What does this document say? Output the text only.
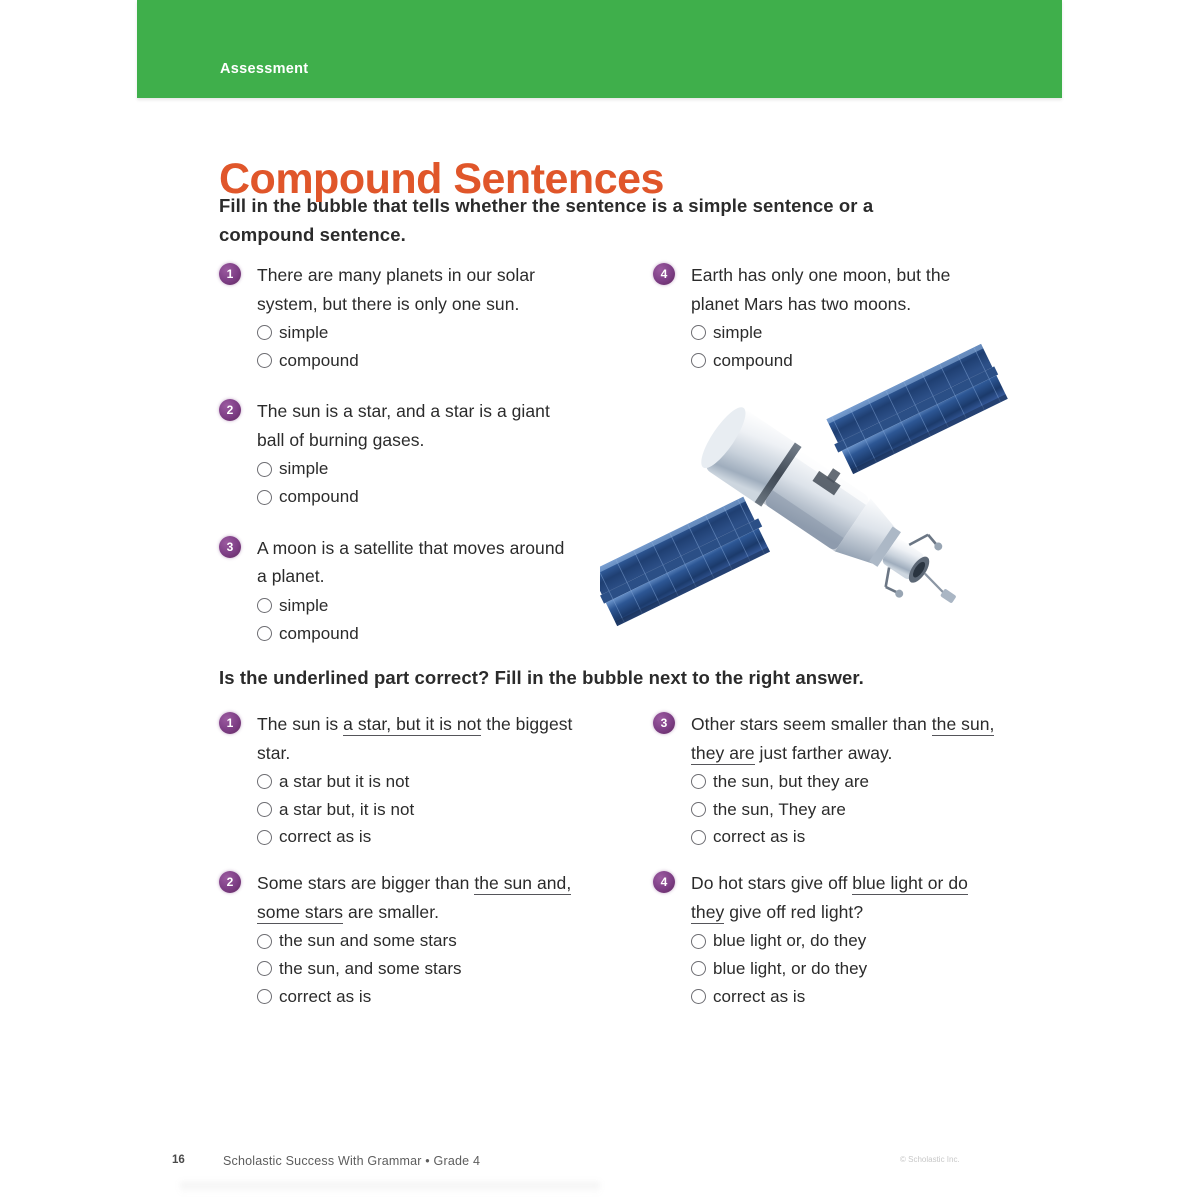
Assessment
Compound Sentences
Fill in the bubble that tells whether the sentence is a simple sentence or a compound sentence.
1	There are many planets in our solar system, but there is only one sun.
simple
compound
2	The sun is a star, and a star is a giant ball of burning gases.
simple
compound
3	A moon is a satellite that moves around a planet.
simple
compound
4	Earth has only one moon, but the planet Mars has two moons.
simple
compound
Is the underlined part correct? Fill in the bubble next to the right answer.
1	The sun is a star, but it is not the biggest star.
a star but it is not
a star but, it is not
correct as is
2	Some stars are bigger than the sun and, some stars are smaller.
the sun and some stars
the sun, and some stars
correct as is
3	Other stars seem smaller than the sun, they are just farther away.
the sun, but they are
the sun, They are
correct as is
4	Do hot stars give off blue light or do they give off red light?
blue light or, do they
blue light, or do they
correct as is
16	Scholastic Success With Grammar • Grade 4	© Scholastic Inc.
